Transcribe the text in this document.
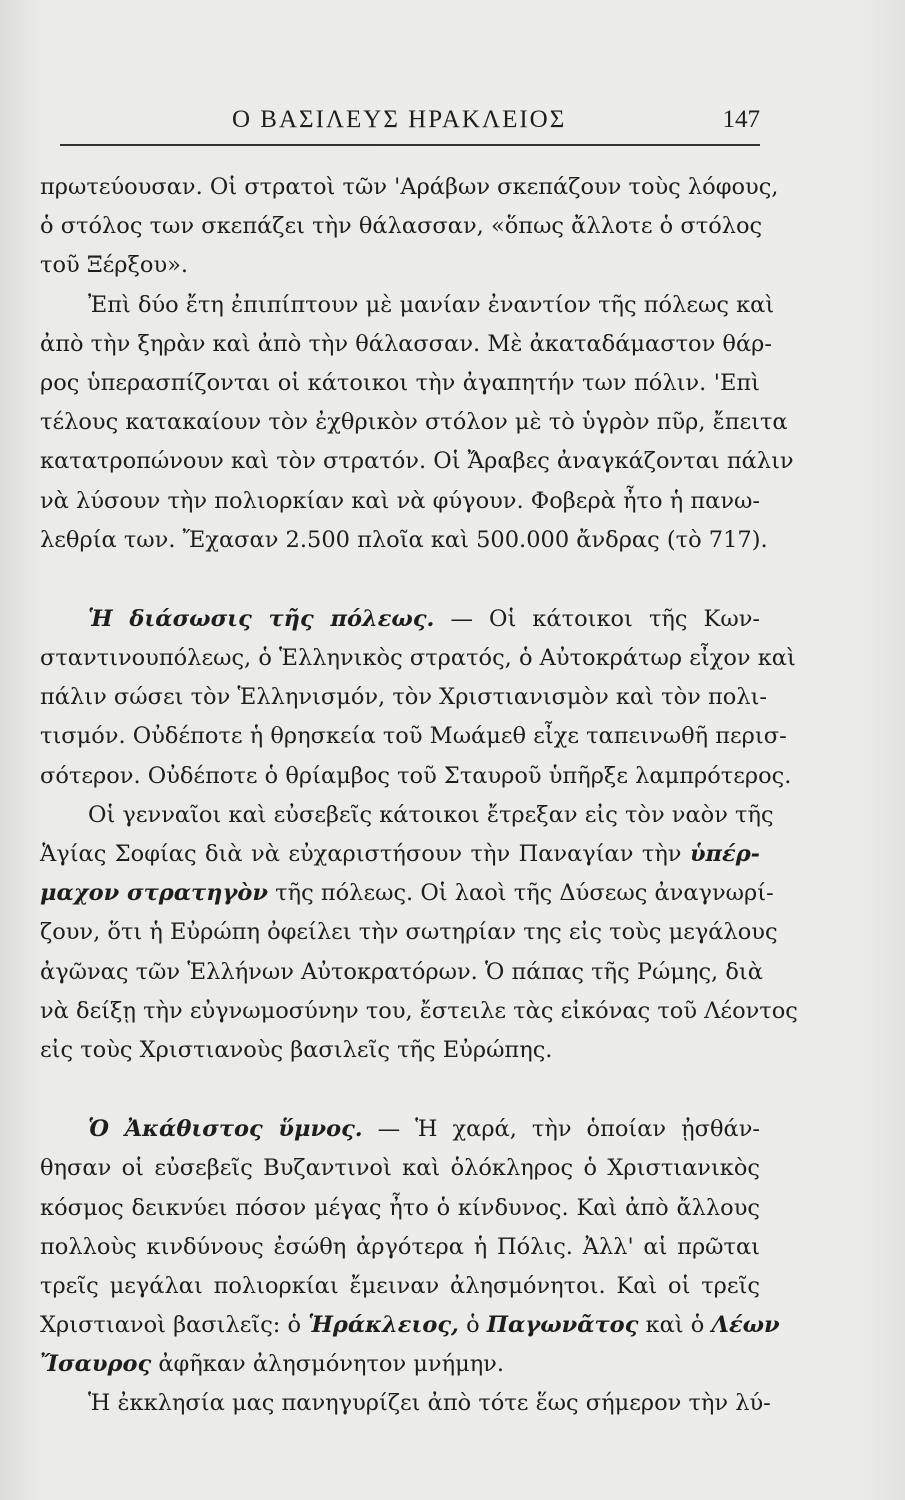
Ο ΒΑΣΙΛΕΥΣ ΗΡΑΚΛΕΙΟΣ	147
πρωτεύουσαν. Οἱ στρατοὶ τῶν 'Αράβων σκεπάζουν τοὺς λόφους,
ὁ στόλος των σκεπάζει τὴν θάλασσαν, «ὅπως ἄλλοτε ὁ στόλος
τοῦ Ξέρξου».
Ἐπὶ δύο ἔτη ἐπιπίπτουν μὲ μανίαν ἐναντίον τῆς πόλεως καὶ
ἀπὸ τὴν ξηρὰν καὶ ἀπὸ τὴν θάλασσαν. Μὲ ἀκαταδάμαστον θάρ-
ρος ὑπερασπίζονται οἱ κάτοικοι τὴν ἀγαπητήν των πόλιν. 'Επὶ
τέλους κατακαίουν τὸν ἐχθρικὸν στόλον μὲ τὸ ὑγρὸν πῦρ, ἔπειτα
κατατροπώνουν καὶ τὸν στρατόν. Οἱ Ἄραβες ἀναγκάζονται πάλιν
νὰ λύσουν τὴν πολιορκίαν καὶ νὰ φύγουν. Φοβερὰ ἦτο ἡ πανω-
λεθρία των. Ἔχασαν 2.500 πλοῖα καὶ 500.000 ἄνδρας (τὸ 717).
Ἡ διάσωσις τῆς πόλεως. — Οἱ κάτοικοι τῆς Κων-
σταντινουπόλεως, ὁ Ἑλληνικὸς στρατός, ὁ Αὐτοκράτωρ εἶχον καὶ
πάλιν σώσει τὸν Ἑλληνισμόν, τὸν Χριστιανισμὸν καὶ τὸν πολι-
τισμόν. Οὐδέποτε ἡ θρησκεία τοῦ Μωάμεθ εἶχε ταπεινωθῆ περισ-
σότερον. Οὐδέποτε ὁ θρίαμβος τοῦ Σταυροῦ ὑπῆρξε λαμπρότερος.
Οἱ γενναῖοι καὶ εὐσεβεῖς κάτοικοι ἔτρεξαν εἰς τὸν ναὸν τῆς
Ἁγίας Σοφίας διὰ νὰ εὐχαριστήσουν τὴν Παναγίαν τὴν ὑπέρ-
μαχον στρατηγὸν τῆς πόλεως. Οἱ λαοὶ τῆς Δύσεως ἀναγνωρί-
ζουν, ὅτι ἡ Εὐρώπη ὀφείλει τὴν σωτηρίαν της εἰς τοὺς μεγάλους
ἀγῶνας τῶν Ἑλλήνων Αὐτοκρατόρων. Ὁ πάπας τῆς Ρώμης, διὰ
νὰ δείξῃ τὴν εὐγνωμοσύνην του, ἔστειλε τὰς εἰκόνας τοῦ Λέοντος
εἰς τοὺς Χριστιανοὺς βασιλεῖς τῆς Εὐρώπης.
Ὁ Ἀκάθιστος ὕμνος. — Ἡ χαρά, τὴν ὁποίαν ᾐσθάν-
θησαν οἱ εὐσεβεῖς Βυζαντινοὶ καὶ ὁλόκληρος ὁ Χριστιανικὸς
κόσμος δεικνύει πόσον μέγας ἦτο ὁ κίνδυνος. Καὶ ἀπὸ ἄλλους
πολλοὺς κινδύνους ἐσώθη ἀργότερα ἡ Πόλις. Ἀλλ' αἱ πρῶται
τρεῖς μεγάλαι πολιορκίαι ἔμειναν ἀλησμόνητοι. Καὶ οἱ τρεῖς
Χριστιανοὶ βασιλεῖς: ὁ Ἡράκλειος, ὁ Παγωνᾶτος καὶ ὁ Λέων
Ἴσαυρος ἀφῆκαν ἀλησμόνητον μνήμην.
Ἡ ἐκκλησία μας πανηγυρίζει ἀπὸ τότε ἕως σήμερον τὴν λύ-
